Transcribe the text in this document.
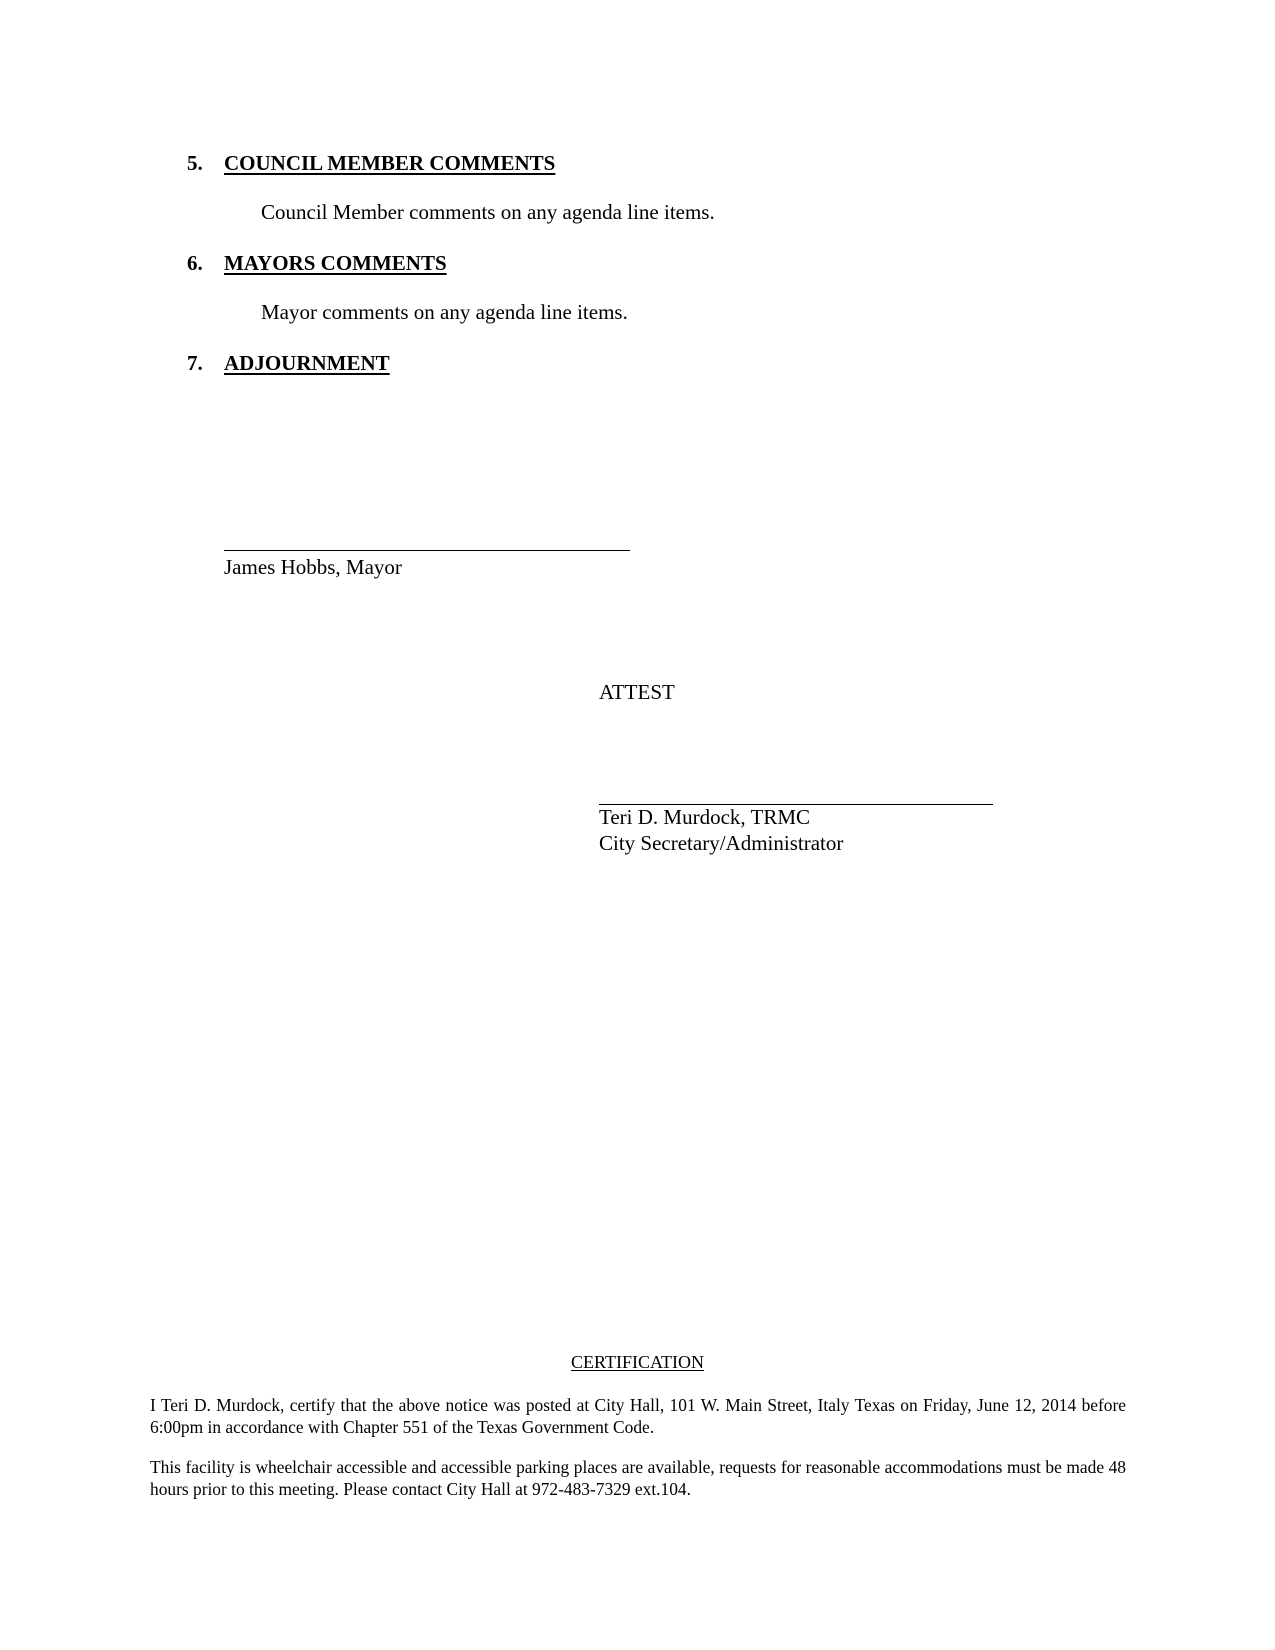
5. COUNCIL MEMBER COMMENTS
Council Member comments on any agenda line items.
6. MAYORS COMMENTS
Mayor comments on any agenda line items.
7. ADJOURNMENT
James Hobbs, Mayor
ATTEST
Teri D. Murdock, TRMC
City Secretary/Administrator
CERTIFICATION
I Teri D. Murdock, certify that the above notice was posted at City Hall, 101 W. Main Street, Italy Texas on Friday, June 12, 2014 before 6:00pm in accordance with Chapter 551 of the Texas Government Code.
This facility is wheelchair accessible and accessible parking places are available, requests for reasonable accommodations must be made 48 hours prior to this meeting. Please contact City Hall at 972-483-7329 ext.104.
